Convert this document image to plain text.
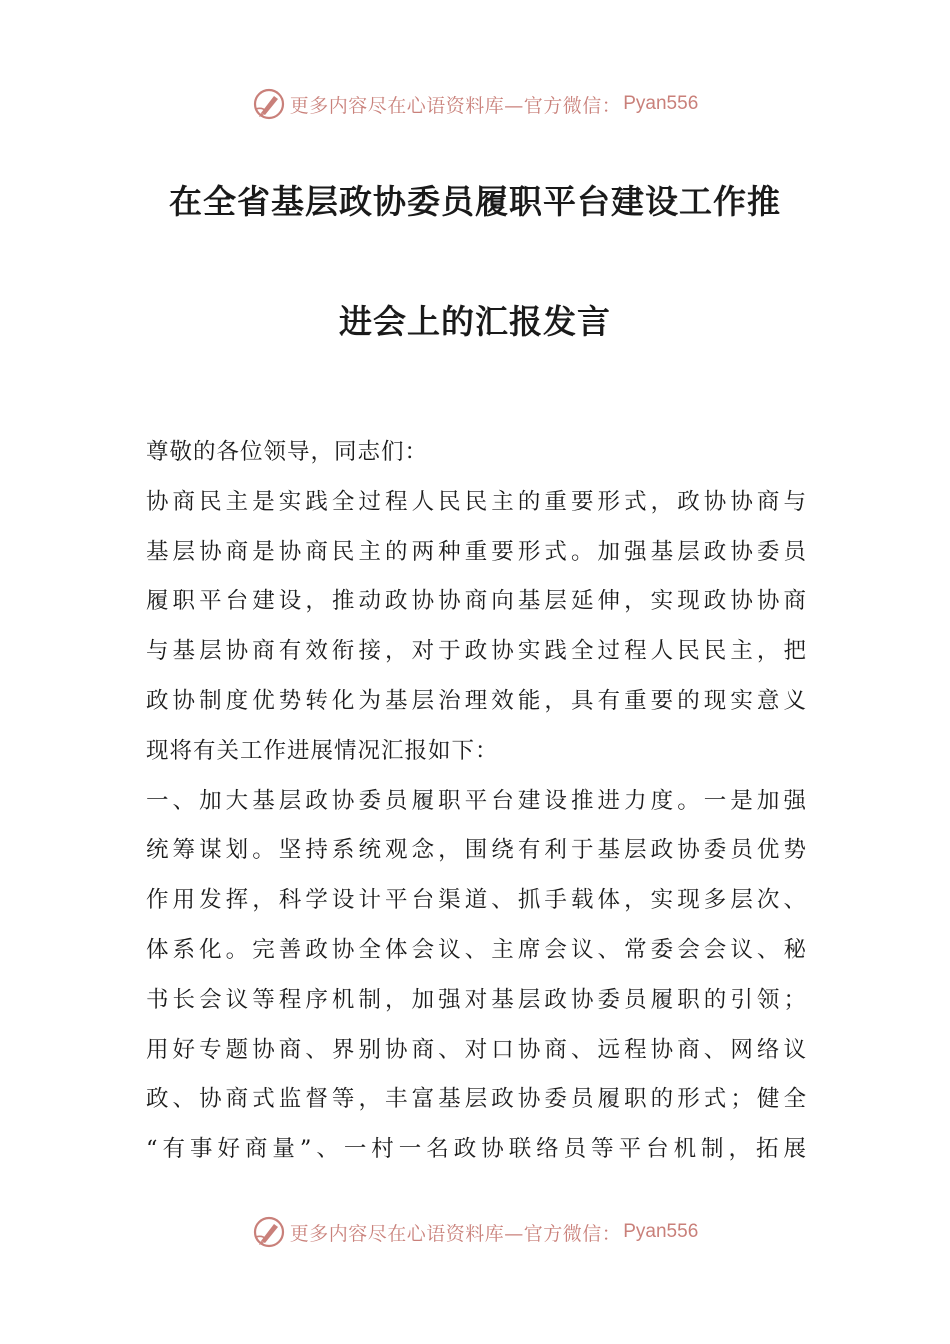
更多内容尽在心语资料库—官方微信： Pyan556
在全省基层政协委员履职平台建设工作推
进会上的汇报发言
尊敬的各位领导，同志们：
协商民主是实践全过程人民民主的重要形式，政协协商与
基层协商是协商民主的两种重要形式。加强基层政协委员
履职平台建设，推动政协协商向基层延伸，实现政协协商
与基层协商有效衔接，对于政协实践全过程人民民主，把
政协制度优势转化为基层治理效能，具有重要的现实意义
现将有关工作进展情况汇报如下：
一、加大基层政协委员履职平台建设推进力度。一是加强
统筹谋划。坚持系统观念，围绕有利于基层政协委员优势
作用发挥，科学设计平台渠道、抓手载体，实现多层次、
体系化。完善政协全体会议、主席会议、常委会会议、秘
书长会议等程序机制，加强对基层政协委员履职的引领；
用好专题协商、界别协商、对口协商、远程协商、网络议
政、协商式监督等，丰富基层政协委员履职的形式；健全
“有事好商量”、一村一名政协联络员等平台机制，拓展
更多内容尽在心语资料库—官方微信： Pyan556
